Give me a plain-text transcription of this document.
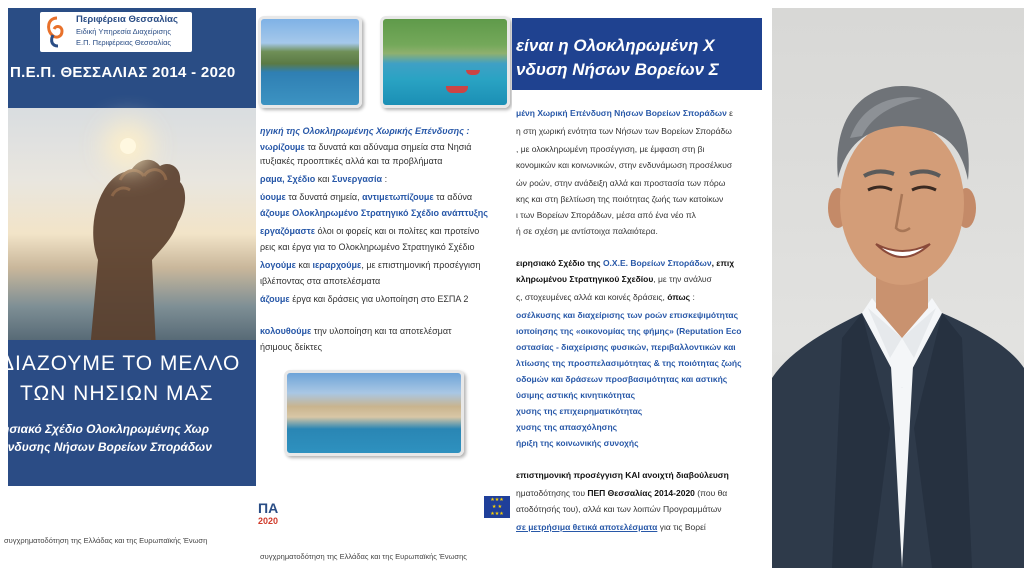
Περιφέρεια Θεσσαλίας
Ειδική Υπηρεσία Διαχείρισης
Ε.Π. Περιφέρειας Θεσσαλίας
Π.Ε.Π. ΘΕΣΣΑΛΙΑΣ 2014 - 2020
ΔΙΑΖΟΥΜΕ ΤΟ ΜΕΛΛΟ
ΤΩΝ ΝΗΣΙΩΝ ΜΑΣ
ησιακό Σχέδιο Ολοκληρωμένης Χωρ
ένδυσης Νήσων Βορείων Σποράδων
συγχρηματοδότηση της Ελλάδας και της Ευρωπαϊκής Ένωση
ηγική της Ολοκληρωμένης Χωρικής Επένδυσης :
νωρίζουμε τα δυνατά και αδύναμα σημεία στα Νησιά
ιτυξιακές προοπτικές αλλά και τα προβλήματα
ραμα, Σχέδιο και Συνεργασία :
ύουμε τα δυνατά σημεία, αντιμετωπίζουμε τα αδύνα
άζουμε Ολοκληρωμένο Στρατηγικό Σχέδιο ανάπτυξης
εργαζόμαστε όλοι οι φορείς και οι πολίτες και προτείνο
ρεις και έργα για το Ολοκληρωμένο Στρατηγικό Σχέδιο
λογούμε και ιεραρχούμε, με επιστημονική προσέγγιση
ιβλέποντας στα αποτελέσματα
άζουμε έργα και δράσεις για υλοποίηση στο ΕΣΠΑ 2
κολουθούμε την υλοποίηση και τα αποτελέσματ
ήσιμους δείκτες
ΠΑ
2020
★★★
★ ★
★★★
συγχρηματοδότηση της Ελλάδας και της Ευρωπαϊκής Ένωσης
είναι η Ολοκληρωμένη Χ
νδυση Νήσων Βορείων Σ
μένη Χωρική Επένδυση Νήσων Βορείων Σποράδων ε
η στη χωρική ενότητα των Νήσων των Βορείων Σποράδω
, με ολοκληρωμένη προσέγγιση, με έμφαση στη βι
κονομικών και κοινωνικών, στην ενδυνάμωση προσέλκυσ
ών ροών, στην ανάδειξη αλλά και προστασία των πόρω
κης και στη βελτίωση της ποιότητας ζωής των κατοίκων
ι των Βορείων Σποράδων, μέσα από ένα νέο πλ
ή σε σχέση με αντίστοιχα παλαιότερα.
ειρησιακό Σχέδιο της Ο.Χ.Ε. Βορείων Σποράδων, επιχ
κληρωμένου Στρατηγικού Σχεδίου, με την ανάλυσ
ς, στοχευμένες αλλά και κοινές δράσεις, όπως :
οσέλκυσης και διαχείρισης των ροών επισκεψιμότητας
ιοποίησης της «οικονομίας της φήμης» (Reputation Eco
οστασίας - διαχείρισης φυσικών, περιβαλλοντικών και
λτίωσης της προσπελασιμότητας & της ποιότητας ζωής
οδομών και δράσεων προσβασιμότητας και αστικής
ύσιμης αστικής κινητικότητας
χυσης της επιχειρηματικότητας
χυσης της απασχόλησης
ήριξη της κοινωνικής συνοχής
επιστημονική προσέγγιση ΚΑΙ ανοιχτή διαβούλευση
ηματοδότησης του ΠΕΠ Θεσσαλίας 2014-2020 (που θα
ατοδότησής του), αλλά και των λοιπών Προγραμμάτων
σε μετρήσιμα θετικά αποτελέσματα για τις Βορεί
